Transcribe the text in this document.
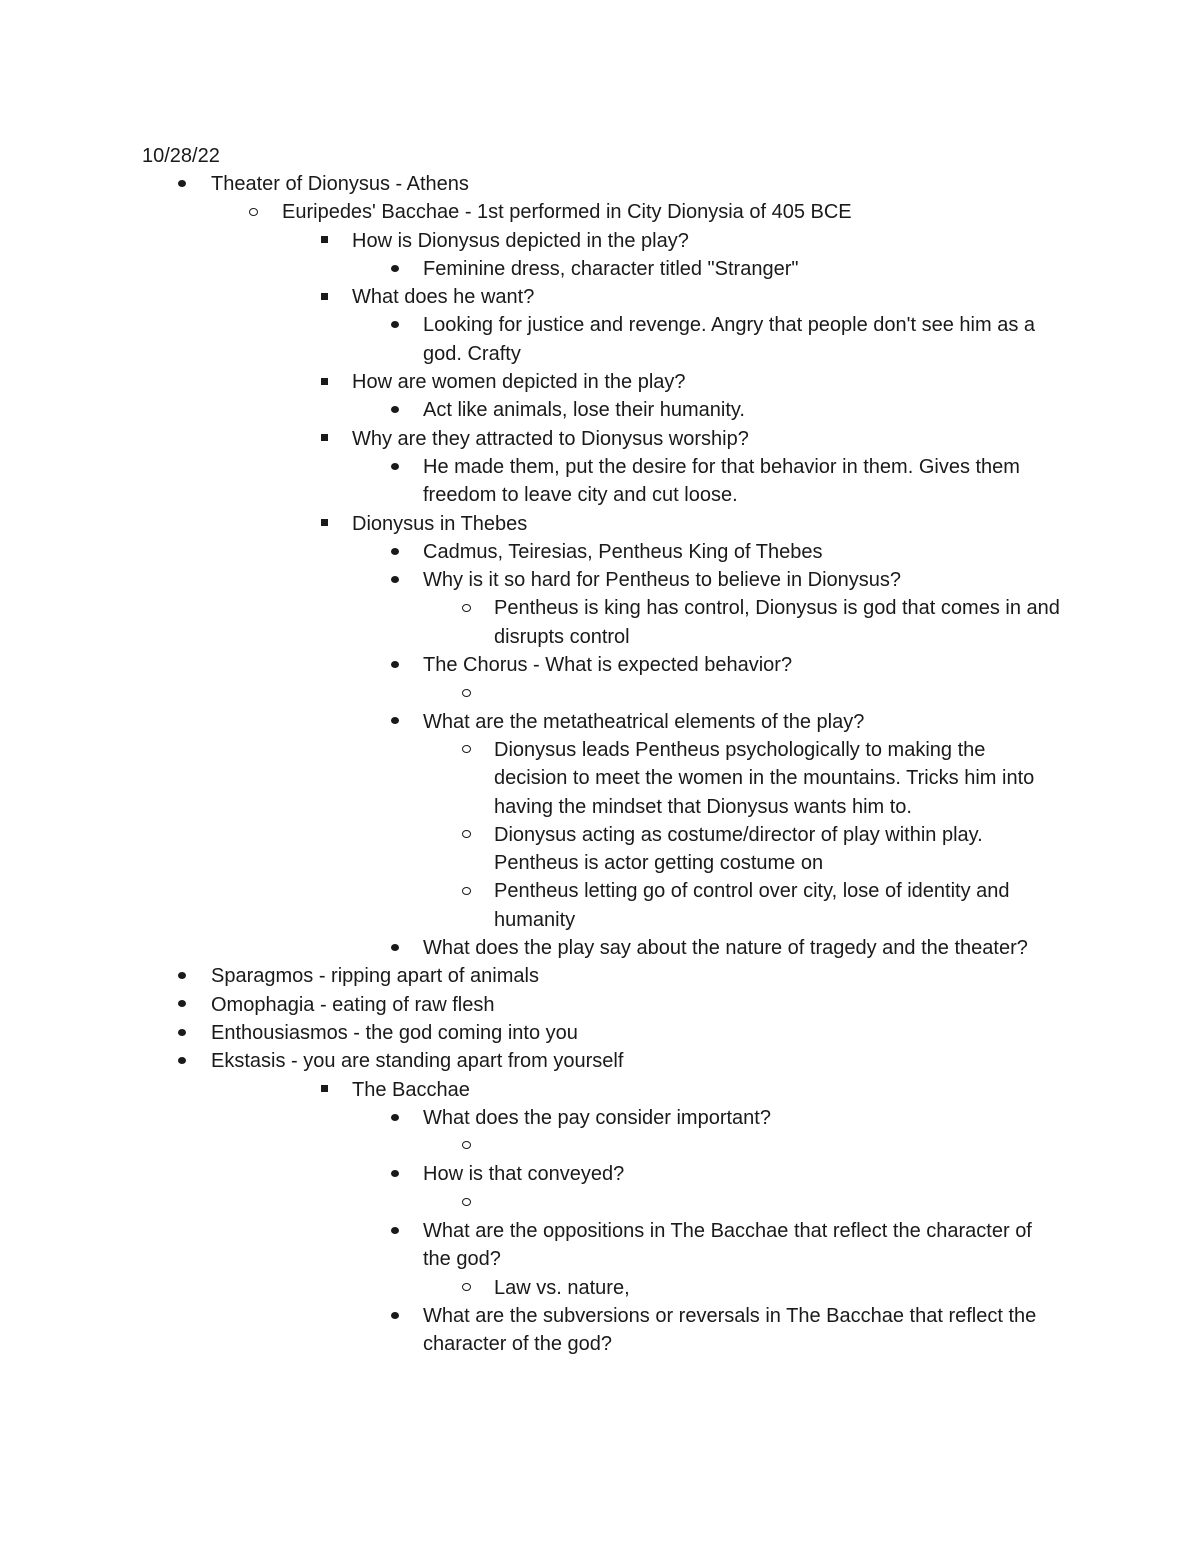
10/28/22
Theater of Dionysus - Athens
Euripedes' Bacchae - 1st performed in City Dionysia of 405 BCE
How is Dionysus depicted in the play?
Feminine dress, character titled "Stranger"
What does he want?
Looking for justice and revenge. Angry that people don't see him as a god. Crafty
How are women depicted in the play?
Act like animals, lose their humanity.
Why are they attracted to Dionysus worship?
He made them, put the desire for that behavior in them. Gives them freedom to leave city and cut loose.
Dionysus in Thebes
Cadmus, Teiresias, Pentheus King of Thebes
Why is it so hard for Pentheus to believe in Dionysus?
Pentheus is king has control, Dionysus is god that comes in and disrupts control
The Chorus - What is expected behavior?

What are the metatheatrical elements of the play?
Dionysus leads Pentheus psychologically to making the decision to meet the women in the mountains. Tricks him into having the mindset that Dionysus wants him to.
Dionysus acting as costume/director of play within play. Pentheus is actor getting costume on
Pentheus letting go of control over city, lose of identity and humanity
What does the play say about the nature of tragedy and the theater?
Sparagmos - ripping apart of animals
Omophagia - eating of raw flesh
Enthousiasmos - the god coming into you
Ekstasis - you are standing apart from yourself
The Bacchae
What does the pay consider important?

How is that conveyed?

What are the oppositions in The Bacchae that reflect the character of the god?
Law vs. nature,
What are the subversions or reversals in The Bacchae that reflect the character of the god?
